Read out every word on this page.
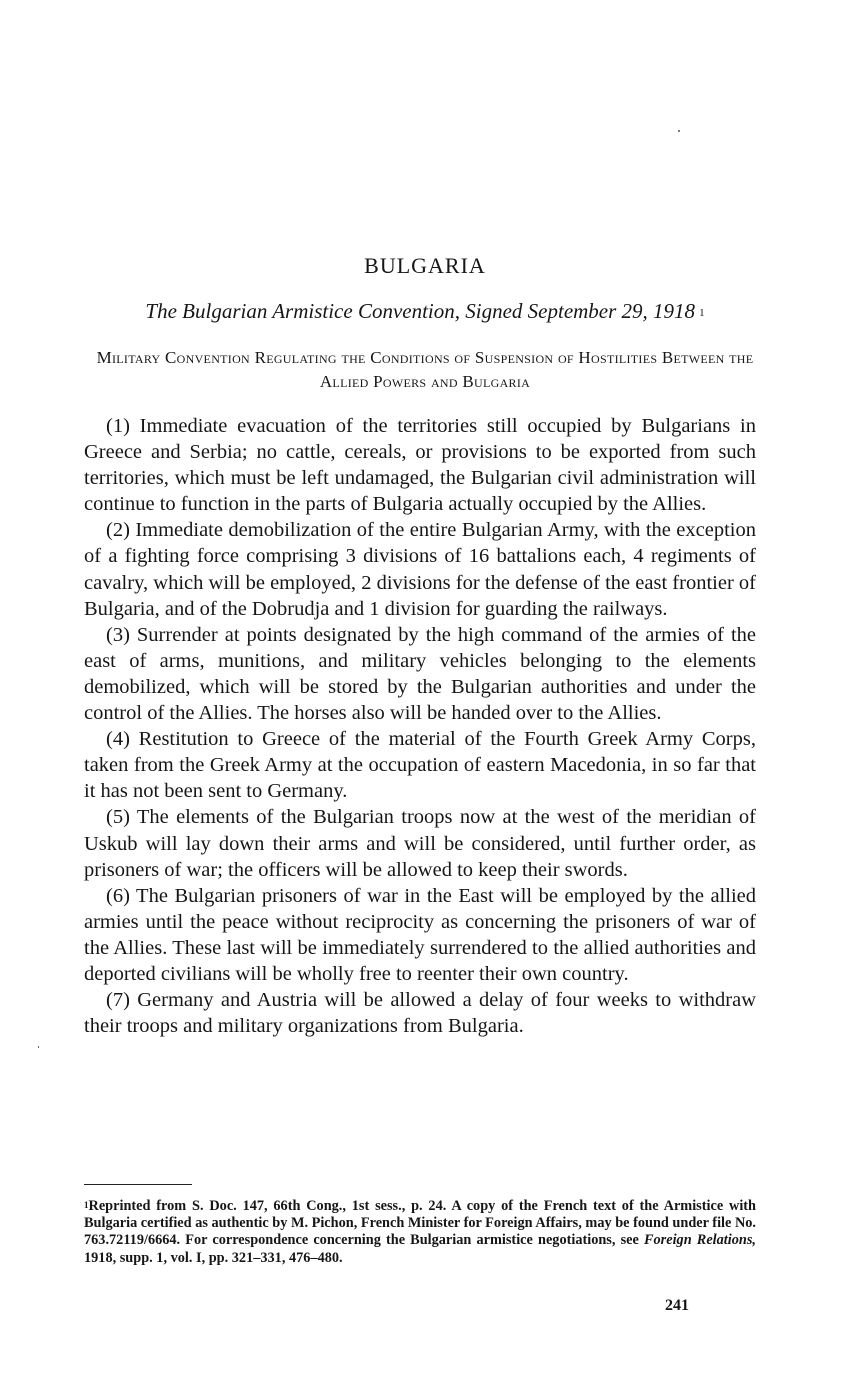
BULGARIA
The Bulgarian Armistice Convention, Signed September 29, 1918 $^1$
Military Convention Regulating the Conditions of Suspension of Hostilities Between the Allied Powers and Bulgaria

(1) Immediate evacuation of the territories still occupied by Bulgarians in Greece and Serbia; no cattle, cereals, or provisions to be exported from such territories, which must be left undamaged, the Bulgarian civil administration will continue to function in the parts of Bulgaria actually occupied by the Allies.

(2) Immediate demobilization of the entire Bulgarian Army, with the exception of a fighting force comprising 3 divisions of 16 battalions each, 4 regiments of cavalry, which will be employed, 2 divisions for the defense of the east frontier of Bulgaria, and of the Dobrudja and 1 division for guarding the railways.

(3) Surrender at points designated by the high command of the armies of the east of arms, munitions, and military vehicles belonging to the elements demobilized, which will be stored by the Bulgarian authorities and under the control of the Allies. The horses also will be handed over to the Allies.

(4) Restitution to Greece of the material of the Fourth Greek Army Corps, taken from the Greek Army at the occupation of eastern Macedonia, in so far that it has not been sent to Germany.

(5) The elements of the Bulgarian troops now at the west of the meridian of Uskub will lay down their arms and will be considered, until further order, as prisoners of war; the officers will be allowed to keep their swords.

(6) The Bulgarian prisoners of war in the East will be employed by the allied armies until the peace without reciprocity as concerning the prisoners of war of the Allies. These last will be immediately surrendered to the allied authorities and deported civilians will be wholly free to reenter their own country.

(7) Germany and Austria will be allowed a delay of four weeks to withdraw their troops and military organizations from Bulgaria.

$^1$Reprinted from S. Doc. 147, 66th Cong., 1st sess., p. 24. A copy of the French text of the Armistice with Bulgaria certified as authentic by M. Pichon, French Minister for Foreign Affairs, may be found under file No. 763.72119/6664. For correspondence concerning the Bulgarian armistice negotiations, see Foreign Relations, 1918, supp. 1, vol. I, pp. 321–331, 476–480.
241
